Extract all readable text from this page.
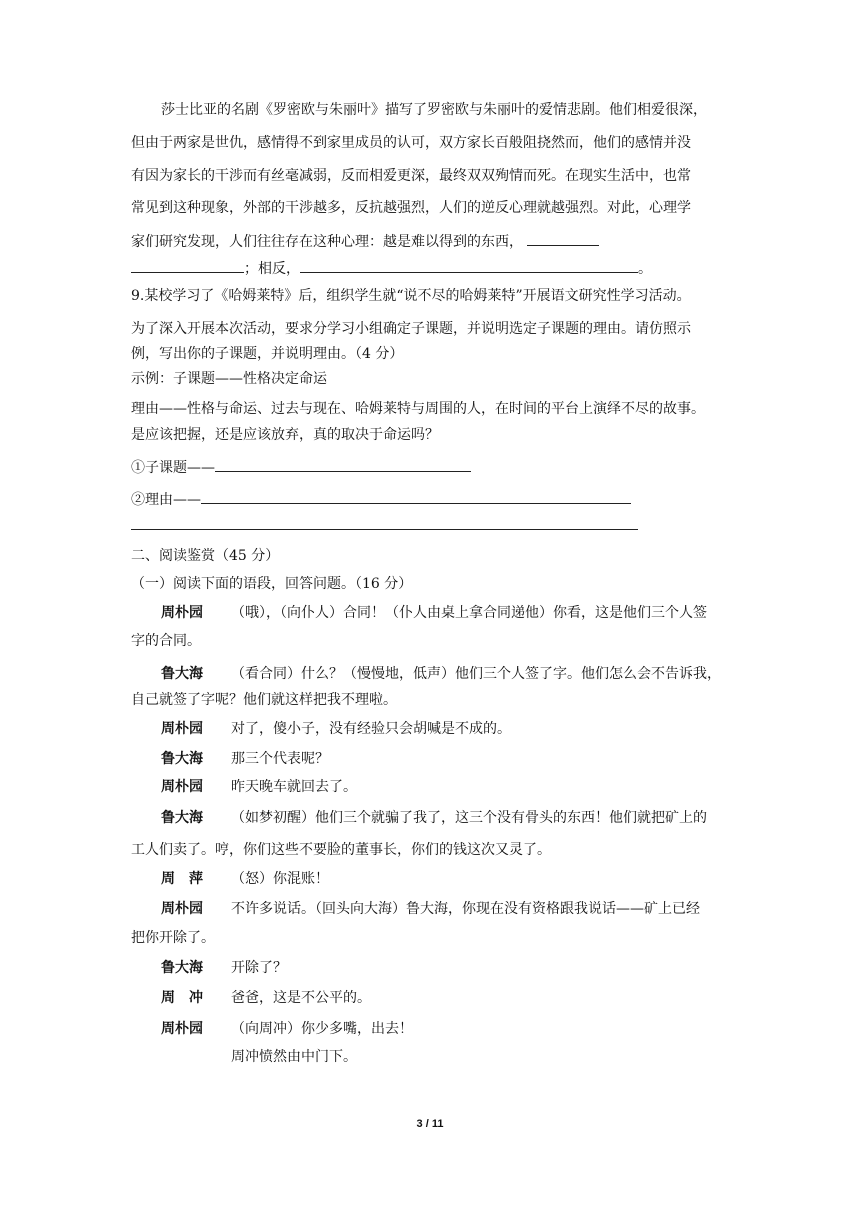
莎士比亚的名剧《罗密欧与朱丽叶》描写了罗密欧与朱丽叶的爱情悲剧。他们相爱很深，
但由于两家是世仇，感情得不到家里成员的认可，双方家长百般阻挠然而，他们的感情并没
有因为家长的干涉而有丝毫减弱，反而相爱更深，最终双双殉情而死。在现实生活中，也常
常见到这种现象，外部的干涉越多，反抗越强烈，人们的逆反心理就越强烈。对此，心理学
家们研究发现，人们往往存在这种心理：越是难以得到的东西，
；相反，	。
9.某校学习了《哈姆莱特》后，组织学生就“说不尽的哈姆莱特”开展语文研究性学习活动。
为了深入开展本次活动，要求分学习小组确定子课题，并说明选定子课题的理由。请仿照示
例，写出你的子课题，并说明理由。（4 分）
示例：子课题——性格决定命运
理由——性格与命运、过去与现在、哈姆莱特与周围的人，在时间的平台上演绎不尽的故事。
是应该把握，还是应该放弃，真的取决于命运吗？
①子课题——
②理由——
二、阅读鉴赏（45 分）
（一）阅读下面的语段，回答问题。（16 分）
周朴园 （哦），（向仆人）合同！（仆人由桌上拿合同递他）你看，这是他们三个人签
字的合同。
鲁大海 （看合同）什么？（慢慢地，低声）他们三个人签了字。他们怎么会不告诉我，
自己就签了字呢？他们就这样把我不理啦。
周朴园 对了，傻小子，没有经验只会胡喊是不成的。
鲁大海 那三个代表呢？
周朴园 昨天晚车就回去了。
鲁大海 （如梦初醒）他们三个就骗了我了，这三个没有骨头的东西！他们就把矿上的
工人们卖了。哼，你们这些不要脸的董事长，你们的钱这次又灵了。
周　萍 （怒）你混账！
周朴园 不许多说话。（回头向大海）鲁大海，你现在没有资格跟我说话——矿上已经
把你开除了。
鲁大海 开除了？
周　冲 爸爸，这是不公平的。
周朴园 （向周冲）你少多嘴，出去！
周冲愤然由中门下。
3 / 11
